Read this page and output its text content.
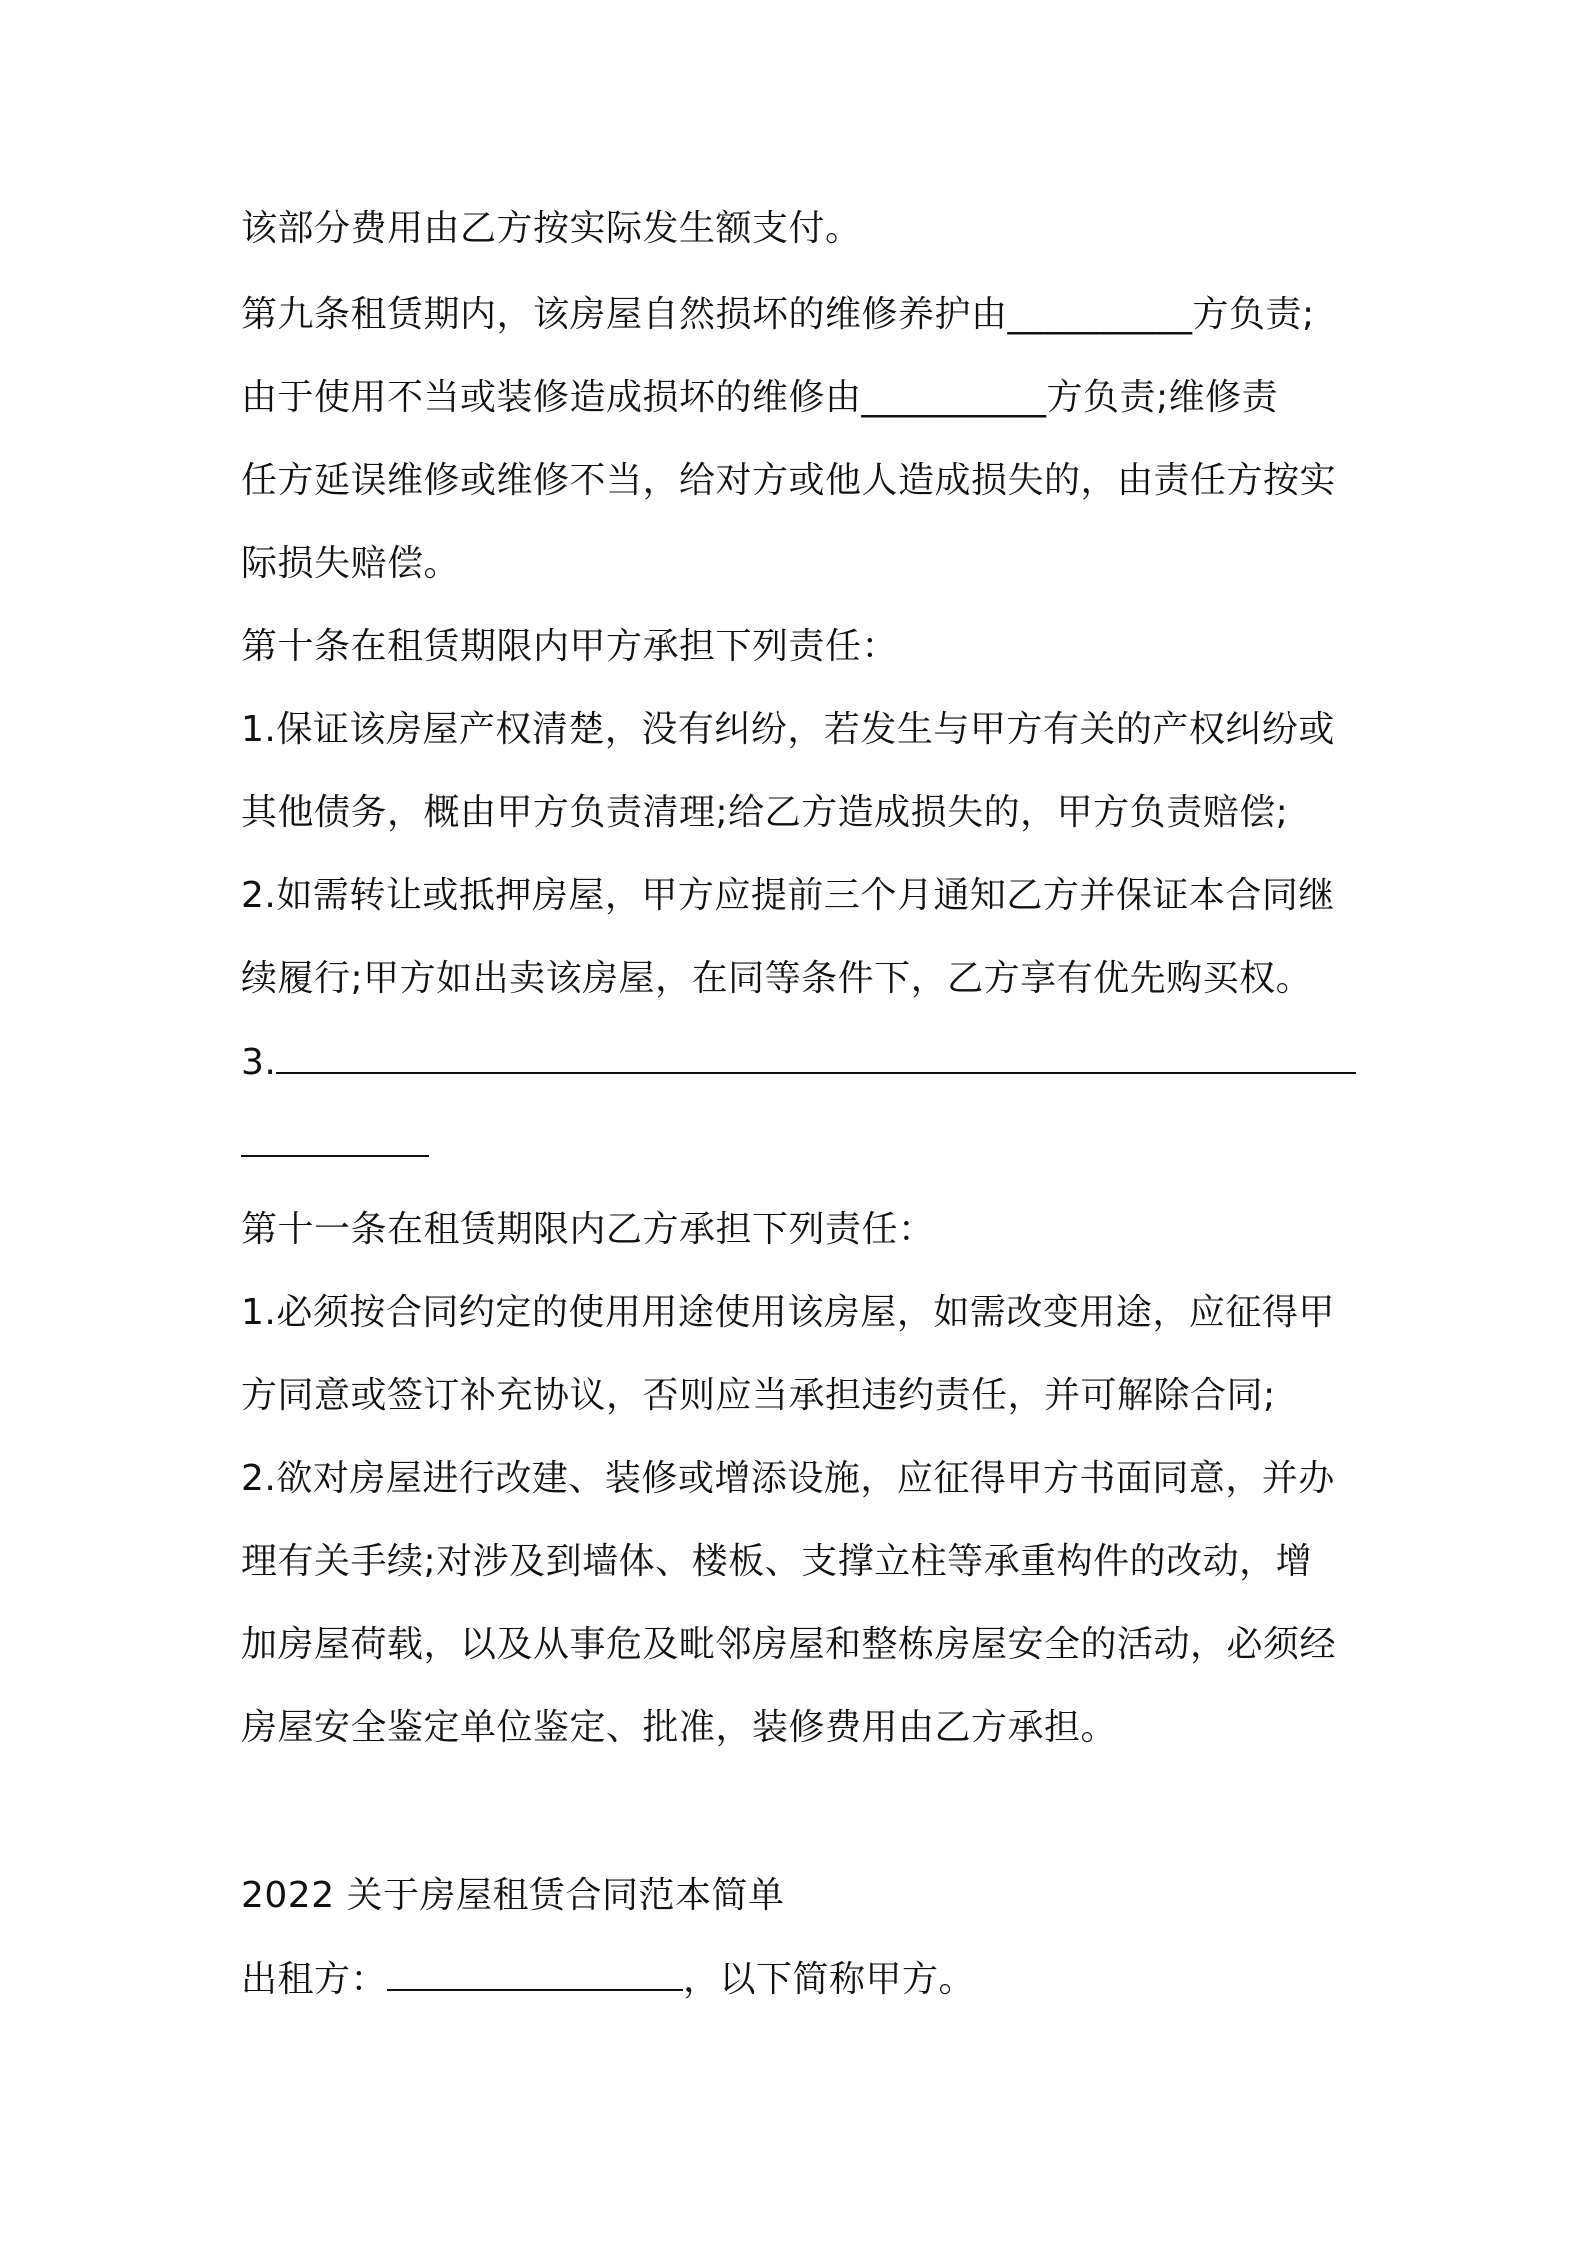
该部分费用由乙方按实际发生额支付。
第九条租赁期内，该房屋自然损坏的维修养护由__________方负责;
由于使用不当或装修造成损坏的维修由__________方负责;维修责
任方延误维修或维修不当，给对方或他人造成损失的，由责任方按实
际损失赔偿。
第十条在租赁期限内甲方承担下列责任：
1.保证该房屋产权清楚，没有纠纷，若发生与甲方有关的产权纠纷或
其他债务，概由甲方负责清理;给乙方造成损失的，甲方负责赔偿;
2.如需转让或抵押房屋，甲方应提前三个月通知乙方并保证本合同继
续履行;甲方如出卖该房屋，在同等条件下，乙方享有优先购买权。
3.
第十一条在租赁期限内乙方承担下列责任：
1.必须按合同约定的使用用途使用该房屋，如需改变用途，应征得甲
方同意或签订补充协议，否则应当承担违约责任，并可解除合同;
2.欲对房屋进行改建、装修或增添设施，应征得甲方书面同意，并办
理有关手续;对涉及到墙体、楼板、支撑立柱等承重构件的改动，增
加房屋荷载，以及从事危及毗邻房屋和整栋房屋安全的活动，必须经
房屋安全鉴定单位鉴定、批准，装修费用由乙方承担。
2022 关于房屋租赁合同范本简单
出租方：	，以下简称甲方。
